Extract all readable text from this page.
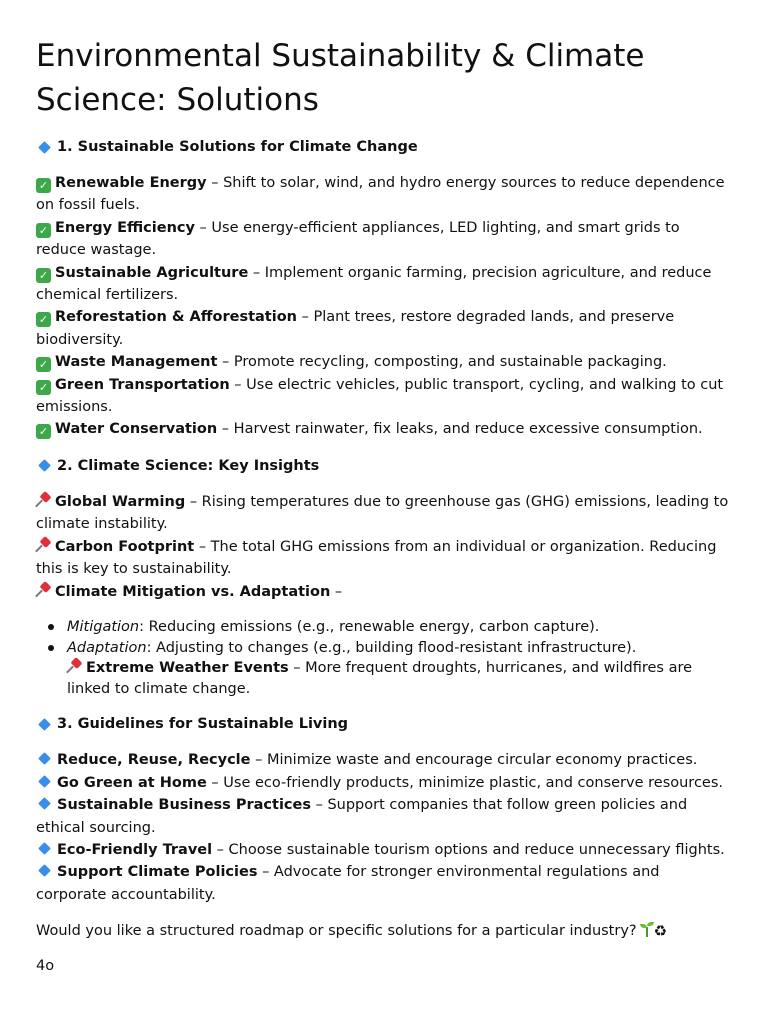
Environmental Sustainability & Climate Science: Solutions
1. Sustainable Solutions for Climate Change

✓ Renewable Energy – Shift to solar, wind, and hydro energy sources to reduce dependence on fossil fuels.

✓ Energy Efficiency – Use energy-efficient appliances, LED lighting, and smart grids to reduce wastage.

✓ Sustainable Agriculture – Implement organic farming, precision agriculture, and reduce chemical fertilizers.

✓ Reforestation & Afforestation – Plant trees, restore degraded lands, and preserve biodiversity.

✓ Waste Management – Promote recycling, composting, and sustainable packaging.

✓ Green Transportation – Use electric vehicles, public transport, cycling, and walking to cut emissions.

✓ Water Conservation – Harvest rainwater, fix leaks, and reduce excessive consumption.

2. Climate Science: Key Insights

Global Warming – Rising temperatures due to greenhouse gas (GHG) emissions, leading to climate instability.

Carbon Footprint – The total GHG emissions from an individual or organization. Reducing this is key to sustainability.

Climate Mitigation vs. Adaptation –

Mitigation: Reducing emissions (e.g., renewable energy, carbon capture).
Adaptation: Adjusting to changes (e.g., building flood-resistant infrastructure).
Extreme Weather Events – More frequent droughts, hurricanes, and wildfires are linked to climate change.
3. Guidelines for Sustainable Living

Reduce, Reuse, Recycle – Minimize waste and encourage circular economy practices.

Go Green at Home – Use eco-friendly products, minimize plastic, and conserve resources.

Sustainable Business Practices – Support companies that follow green policies and ethical sourcing.

Eco-Friendly Travel – Choose sustainable tourism options and reduce unnecessary flights.

Support Climate Policies – Advocate for stronger environmental regulations and corporate accountability.

Would you like a structured roadmap or specific solutions for a particular industry? ♻

4o
